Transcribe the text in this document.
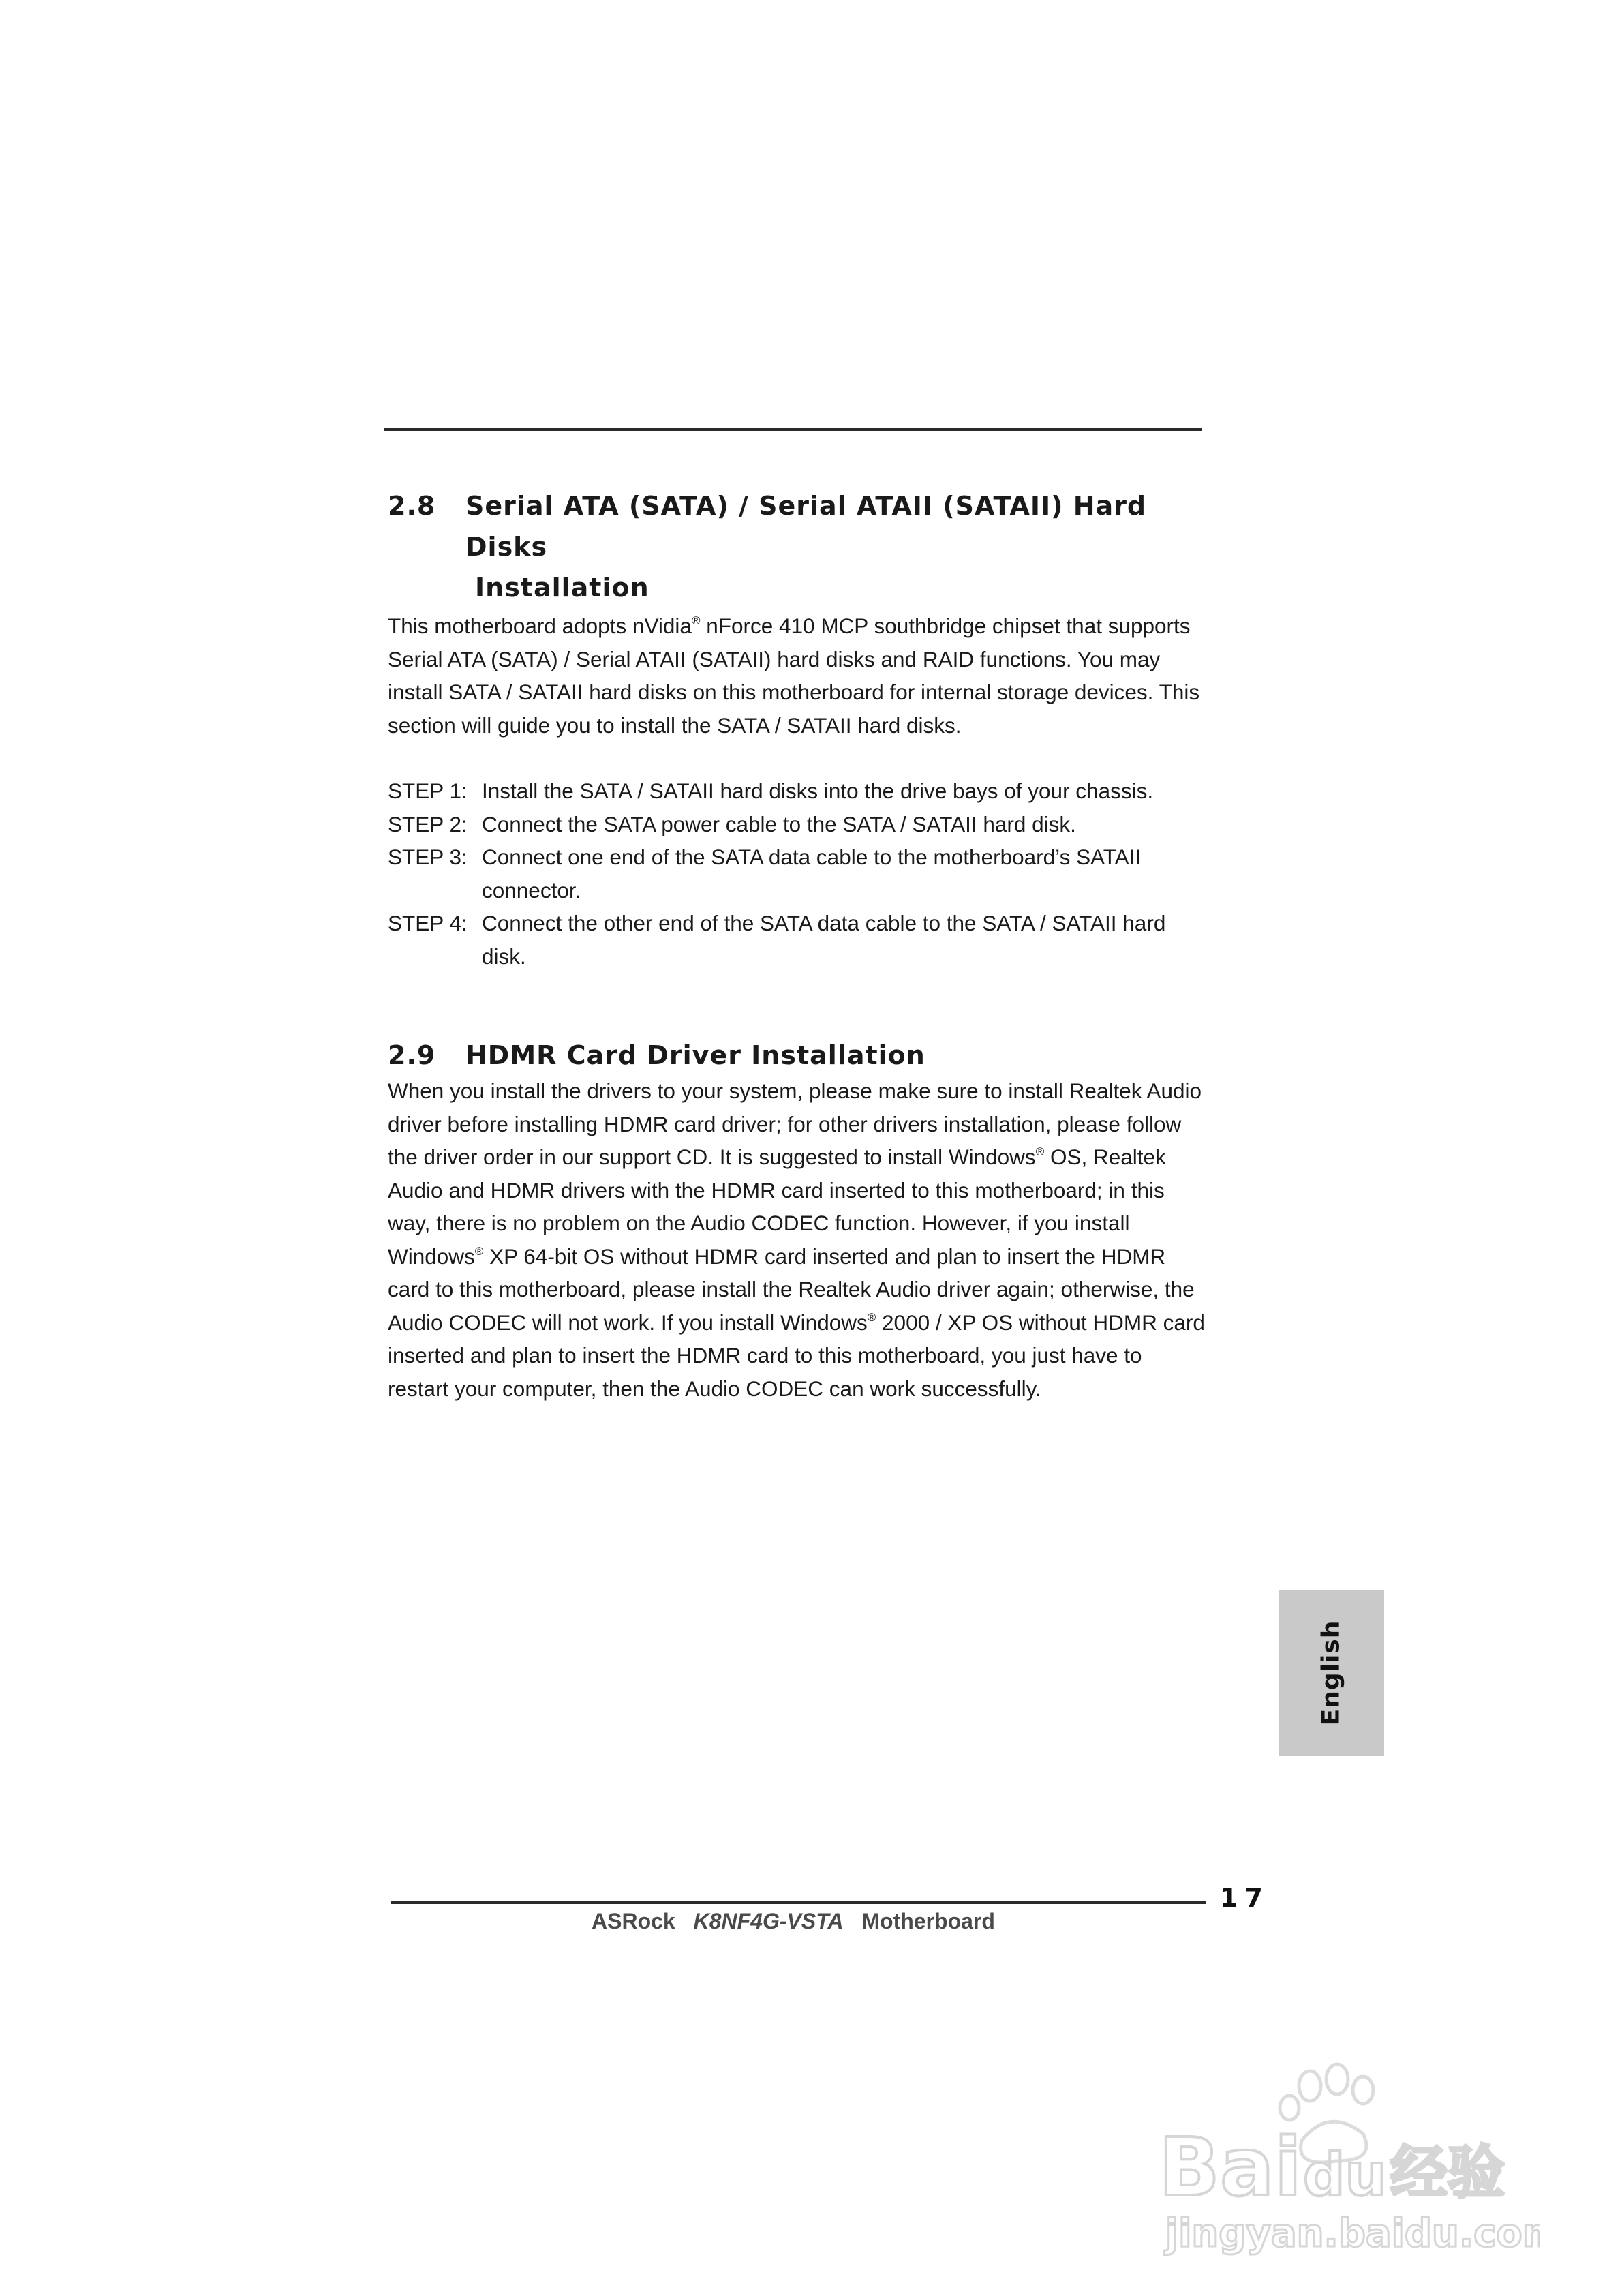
2.8	Serial ATA (SATA) / Serial ATAII (SATAII) Hard Disks
Installation

This motherboard adopts nVidia® nForce 410 MCP southbridge chipset that supports Serial ATA (SATA) / Serial ATAII (SATAII) hard disks and RAID functions. You may install SATA / SATAII hard disks on this motherboard for internal storage devices. This section will guide you to install the SATA / SATAII hard disks.

STEP 1: Install the SATA / SATAII hard disks into the drive bays of your chassis.
STEP 2: Connect the SATA power cable to the SATA / SATAII hard disk.
STEP 3: Connect one end of the SATA data cable to the motherboard’s SATAII connector.
STEP 4: Connect the other end of the SATA data cable to the SATA / SATAII hard disk.
2.9	HDMR Card Driver Installation

When you install the drivers to your system, please make sure to install Realtek Audio driver before installing HDMR card driver; for other drivers installation, please follow the driver order in our support CD. It is suggested to install Windows® OS, Realtek Audio and HDMR drivers with the HDMR card inserted to this motherboard; in this way, there is no problem on the Audio CODEC function. However, if you install Windows® XP 64-bit OS without HDMR card inserted and plan to insert the HDMR card to this motherboard, please install the Realtek Audio driver again; otherwise, the Audio CODEC will not work. If you install Windows® 2000 / XP OS without HDMR card inserted and plan to insert the HDMR card to this motherboard, you just have to restart your computer, then the Audio CODEC can work successfully.

English
17
ASRock K8NF4G-VSTA Motherboard
Bai du 经验
jingyan.baidu.com
